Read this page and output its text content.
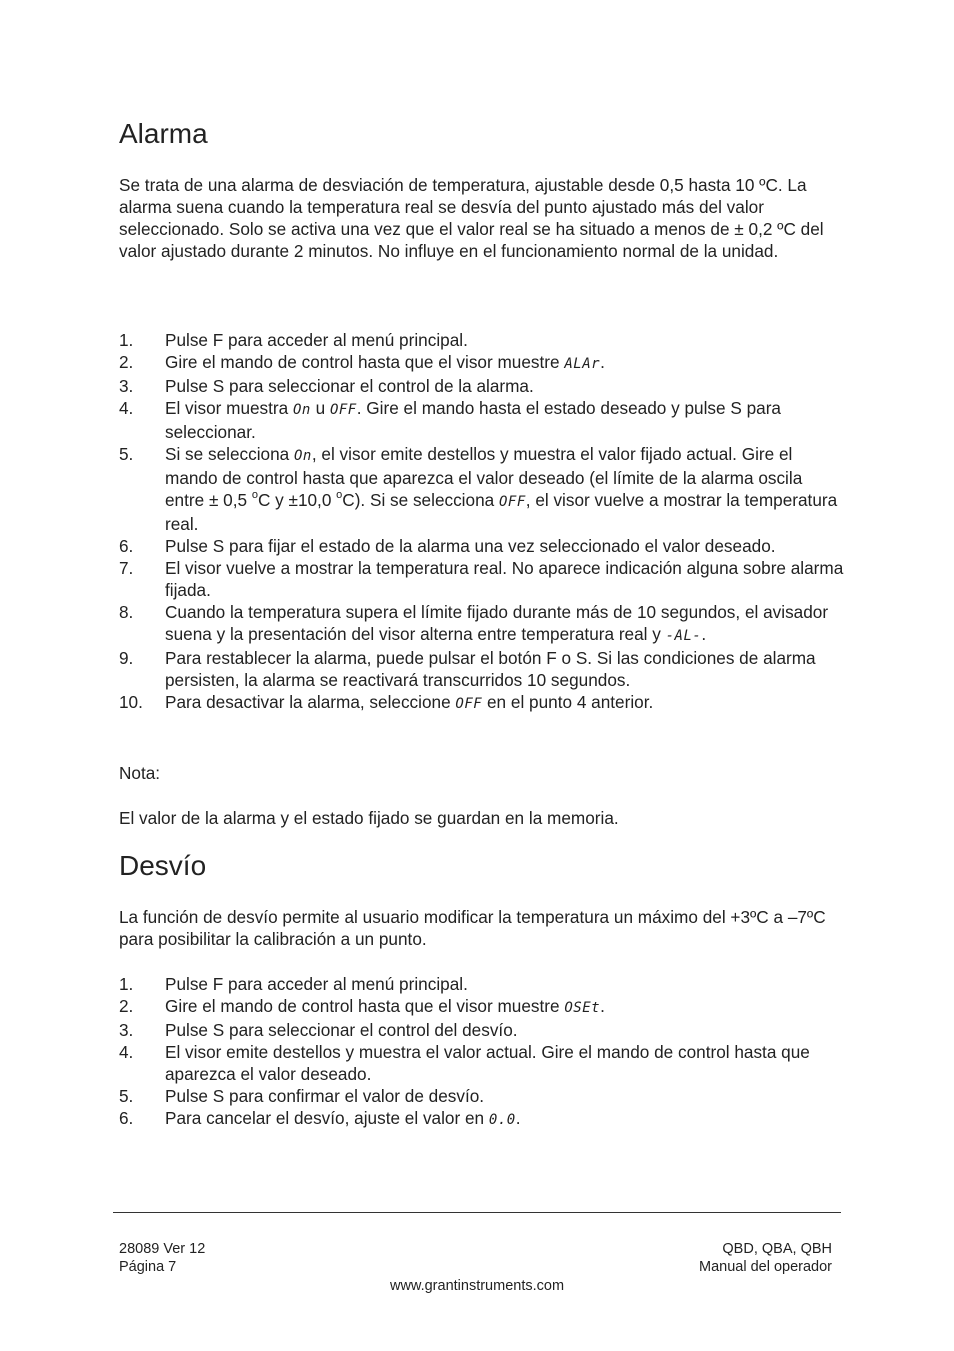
Alarma

Se trata de una alarma de desviación de temperatura, ajustable desde 0,5 hasta 10 ºC. La alarma suena cuando la temperatura real se desvía del punto ajustado más del valor seleccionado. Solo se activa una vez que el valor real se ha situado a menos de ± 0,2 ºC del valor ajustado durante 2 minutos. No influye en el funcionamiento normal de la unidad.

1. Pulse F para acceder al menú principal.
2. Gire el mando de control hasta que el visor muestre ALAr.
3. Pulse S para seleccionar el control de la alarma.
4. El visor muestra On u OFF. Gire el mando hasta el estado deseado y pulse S para seleccionar.
5. Si se selecciona On, el visor emite destellos y muestra el valor fijado actual. Gire el mando de control hasta que aparezca el valor deseado (el límite de la alarma oscila entre ± 0,5 $^o$C y ±10,0 $^o$C). Si se selecciona OFF, el visor vuelve a mostrar la temperatura real.
6. Pulse S para fijar el estado de la alarma una vez seleccionado el valor deseado.
7. El visor vuelve a mostrar la temperatura real. No aparece indicación alguna sobre alarma fijada.
8. Cuando la temperatura supera el límite fijado durante más de 10 segundos, el avisador suena y la presentación del visor alterna entre temperatura real y -AL-.
9. Para restablecer la alarma, puede pulsar el botón F o S. Si las condiciones de alarma persisten, la alarma se reactivará transcurridos 10 segundos.
10. Para desactivar la alarma, seleccione OFF en el punto 4 anterior.

Nota:

El valor de la alarma y el estado fijado se guardan en la memoria.

Desvío

La función de desvío permite al usuario modificar la temperatura un máximo del +3ºC a –7ºC para posibilitar la calibración a un punto.

1. Pulse F para acceder al menú principal.
2. Gire el mando de control hasta que el visor muestre OSEt.
3. Pulse S para seleccionar el control del desvío.
4. El visor emite destellos y muestra el valor actual. Gire el mando de control hasta que aparezca el valor deseado.
5. Pulse S para confirmar el valor de desvío.
6. Para cancelar el desvío, ajuste el valor en 0.0.
28089 Ver 12
Página 7
QBD, QBA, QBH
Manual del operador
www.grantinstruments.com
